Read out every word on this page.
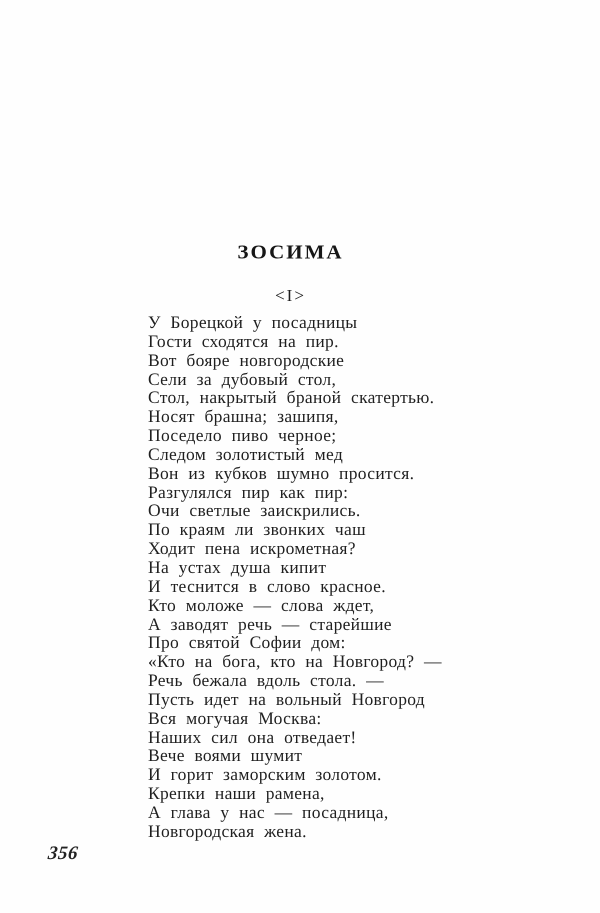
ЗОСИМА
<I>
У Борецкой у посадницы
Гости сходятся на пир.
Вот бояре новгородские
Сели за дубовый стол,
Стол, накрытый браной скатертью.
Носят брашна; зашипя,
Поседело пиво черное;
Следом золотистый мед
Вон из кубков шумно просится.
Разгулялся пир как пир:
Очи светлые заискрились.
По краям ли звонких чаш
Ходит пена искрометная?
На устах душа кипит
И теснится в слово красное.
Кто моложе — слова ждет,
А заводят речь — старейшие
Про святой Софии дом:
«Кто на бога, кто на Новгород? —
Речь бежала вдоль стола. —
Пусть идет на вольный Новгород
Вся могучая Москва:
Наших сил она отведает!
Вече воями шумит
И горит заморским золотом.
Крепки наши рамена,
А глава у нас — посадница,
Новгородская жена.
356
